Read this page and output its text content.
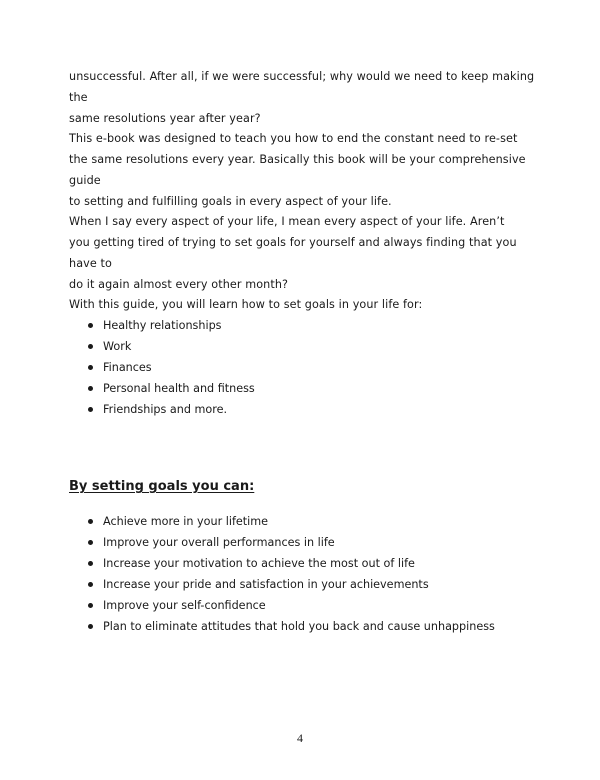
unsuccessful. After all, if we were successful; why would we need to keep making the
same resolutions year after year?

This e-book was designed to teach you how to end the constant need to re-set
the same resolutions every year. Basically this book will be your comprehensive guide
to setting and fulfilling goals in every aspect of your life.

When I say every aspect of your life, I mean every aspect of your life. Aren’t
you getting tired of trying to set goals for yourself and always finding that you have to
do it again almost every other month?

With this guide, you will learn how to set goals in your life for:

Healthy relationships
Work
Finances
Personal health and fitness
Friendships and more.
By setting goals you can:
Achieve more in your lifetime
Improve your overall performances in life
Increase your motivation to achieve the most out of life
Increase your pride and satisfaction in your achievements
Improve your self-confidence
Plan to eliminate attitudes that hold you back and cause unhappiness
4
